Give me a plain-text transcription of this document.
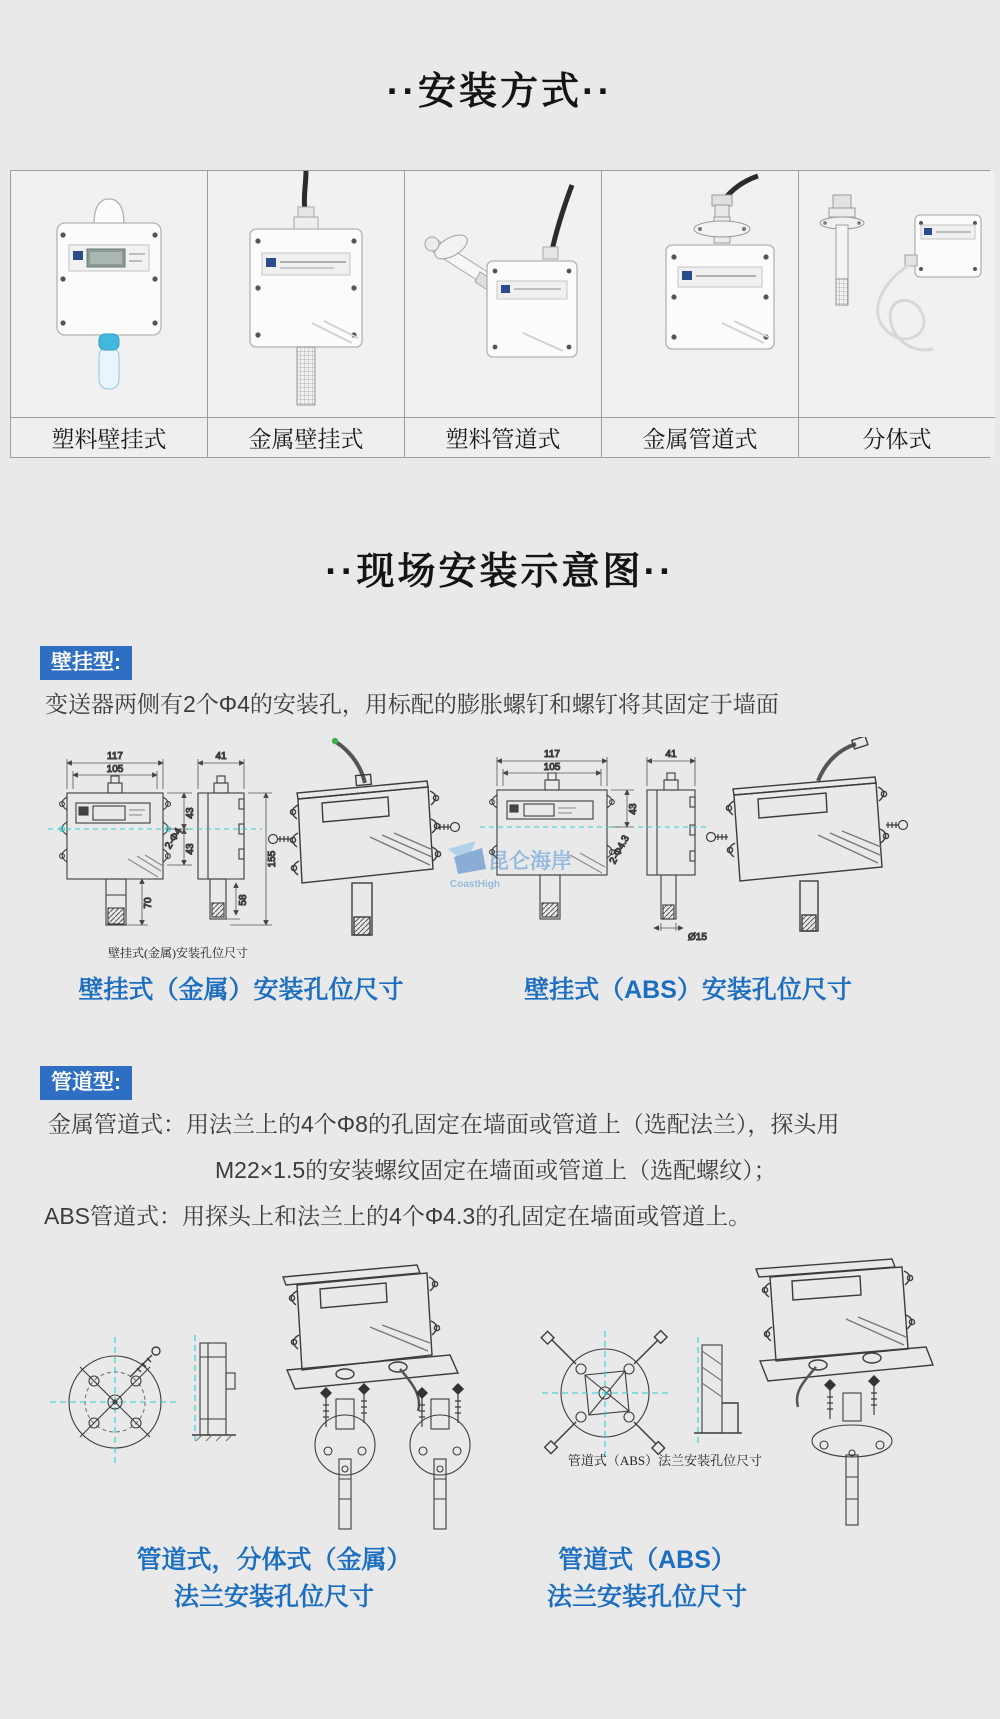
··安装方式··
塑料壁挂式	金属壁挂式	塑料管道式	金属管道式	分体式
··现场安装示意图··
壁挂型:
变送器两侧有2个Φ4的安装孔，用标配的膨胀螺钉和螺钉将其固定于墙面
117
105
43
43
2-Φ4
70
41
155
58
昆仑海岸
CoastHigh
117
105
43
2-Φ4.3
41
Ø15
壁挂式(金属)安装孔位尺寸
壁挂式（金属）安装孔位尺寸	壁挂式（ABS）安装孔位尺寸
管道型:
金属管道式：用法兰上的4个Φ8的孔固定在墙面或管道上（选配法兰），探头用
M22×1.5的安装螺纹固定在墙面或管道上（选配螺纹）；
ABS管道式：用探头上和法兰上的4个Φ4.3的孔固定在墙面或管道上。
管道式（ABS）法兰安装孔位尺寸
管道式，分体式（金属）
法兰安装孔位尺寸
管道式（ABS）
法兰安装孔位尺寸
